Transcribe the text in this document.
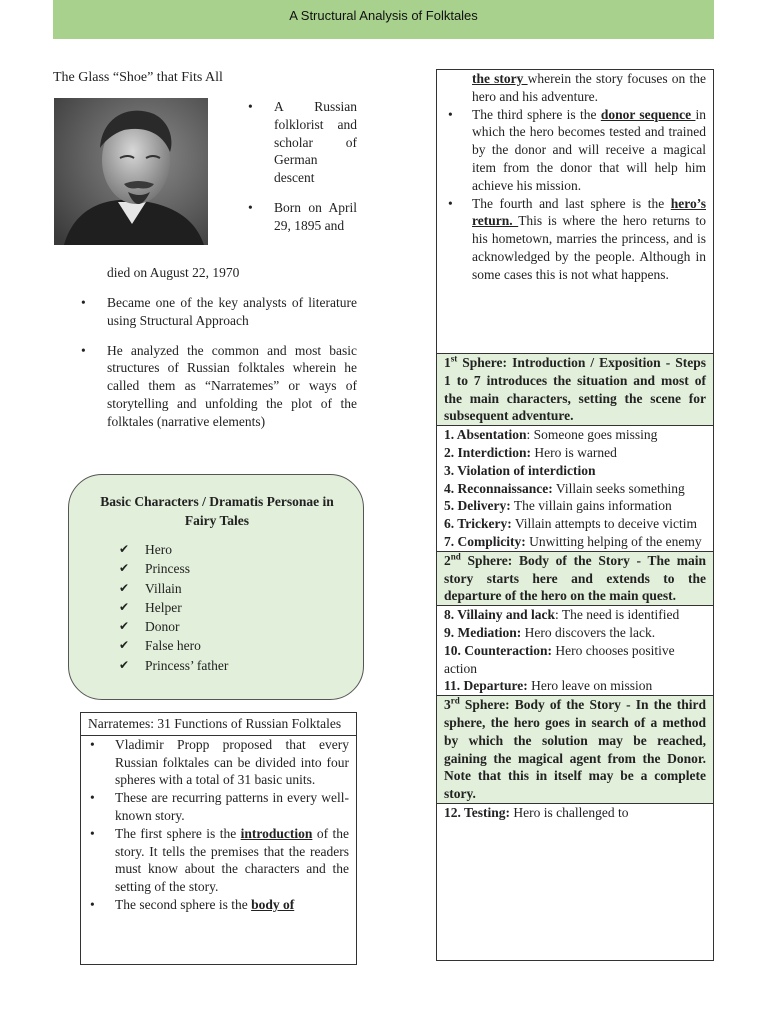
A Structural Analysis of Folktales
The Glass “Shoe” that Fits All
• A Russian folklorist and scholar of German descent
• Born on April 29, 1895 and
died on August 22, 1970
• Became one of the key analysts of literature using Structural Approach
• He analyzed the common and most basic structures of Russian folktales wherein he called them as “Narratemes” or ways of storytelling and unfolding the plot of the folktales (narrative elements)
Basic Characters / Dramatis Personae in Fairy Tales
✔ Hero
✔ Princess
✔ Villain
✔ Helper
✔ Donor
✔ False hero
✔ Princess’ father
Narratemes: 31 Functions of Russian Folktales
• Vladimir Propp proposed that every Russian folktales can be divided into four spheres with a total of 31 basic units.
• These are recurring patterns in every well-known story.
• The first sphere is the introduction of the story. It tells the premises that the readers must know about the characters and the setting of the story.
• The second sphere is the body of
the story wherein the story focuses on the hero and his adventure.
• The third sphere is the donor sequence in which the hero becomes tested and trained by the donor and will receive a magical item from the donor that will help him achieve his mission.
• The fourth and last sphere is the hero’s return. This is where the hero returns to his hometown, marries the princess, and is acknowledged by the people. Although in some cases this is not what happens.
1st Sphere: Introduction / Exposition - Steps 1 to 7 introduces the situation and most of the main characters, setting the scene for subsequent adventure.
1. Absentation: Someone goes missing
2. Interdiction: Hero is warned
3. Violation of interdiction
4. Reconnaissance: Villain seeks something
5. Delivery: The villain gains information
6. Trickery: Villain attempts to deceive victim
7. Complicity: Unwitting helping of the enemy
2nd Sphere: Body of the Story - The main story starts here and extends to the departure of the hero on the main quest.
8. Villainy and lack: The need is identified
9. Mediation: Hero discovers the lack.
10. Counteraction: Hero chooses positive action
11. Departure: Hero leave on mission
3rd Sphere: Body of the Story - In the third sphere, the hero goes in search of a method by which the solution may be reached, gaining the magical agent from the Donor. Note that this in itself may be a complete story.
12. Testing: Hero is challenged to
